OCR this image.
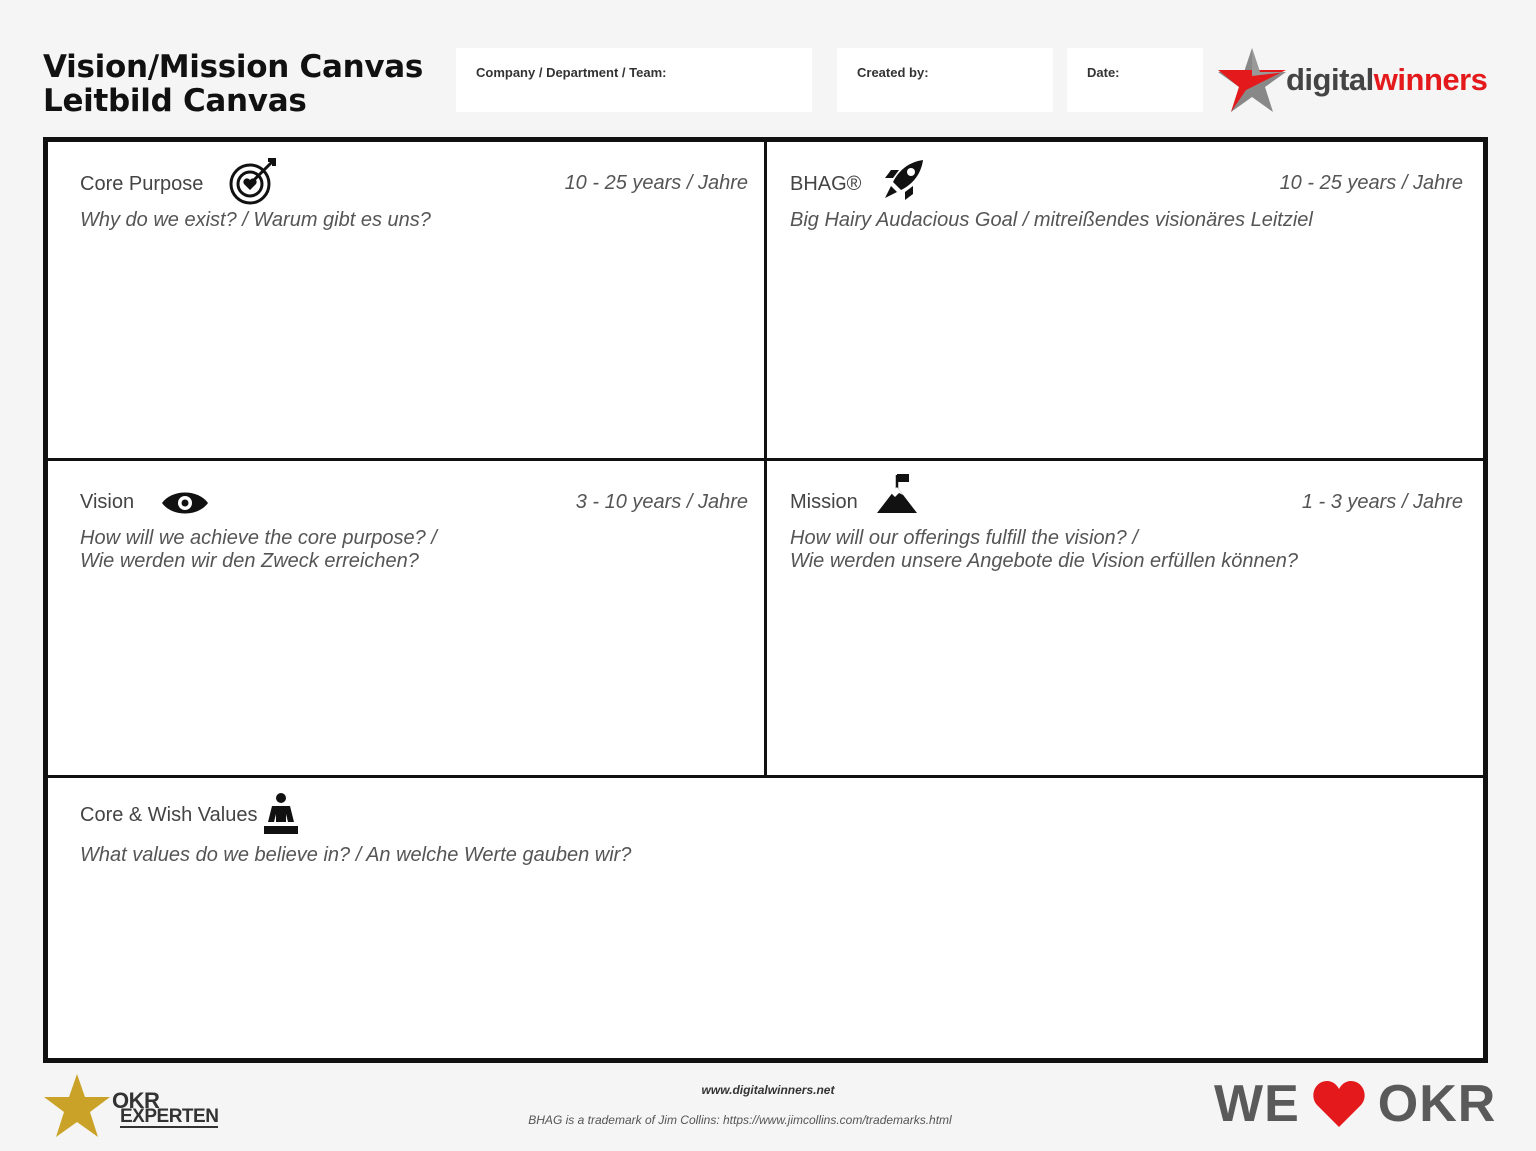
Vision/Mission Canvas
Leitbild Canvas
Company / Department / Team:	Created by:	Date:	digitalwinners
Core Purpose	10 - 25 years / Jahre
Why do we exist? / Warum gibt es uns?
BHAG®	10 - 25 years / Jahre
Big Hairy Audacious Goal / mitreißendes visionäres Leitziel
Vision	3 - 10 years / Jahre
How will we achieve the core purpose? /
Wie werden wir den Zweck erreichen?
Mission	1 - 3 years / Jahre
How will our offerings fulfill the vision? /
Wie werden unsere Angebote die Vision erfüllen können?
Core & Wish Values
What values do we believe in? / An welche Werte gauben wir?
OKR
EXPERTEN
www.digitalwinners.net
BHAG is a trademark of Jim Collins: https://www.jimcollins.com/trademarks.html	WE OKR
